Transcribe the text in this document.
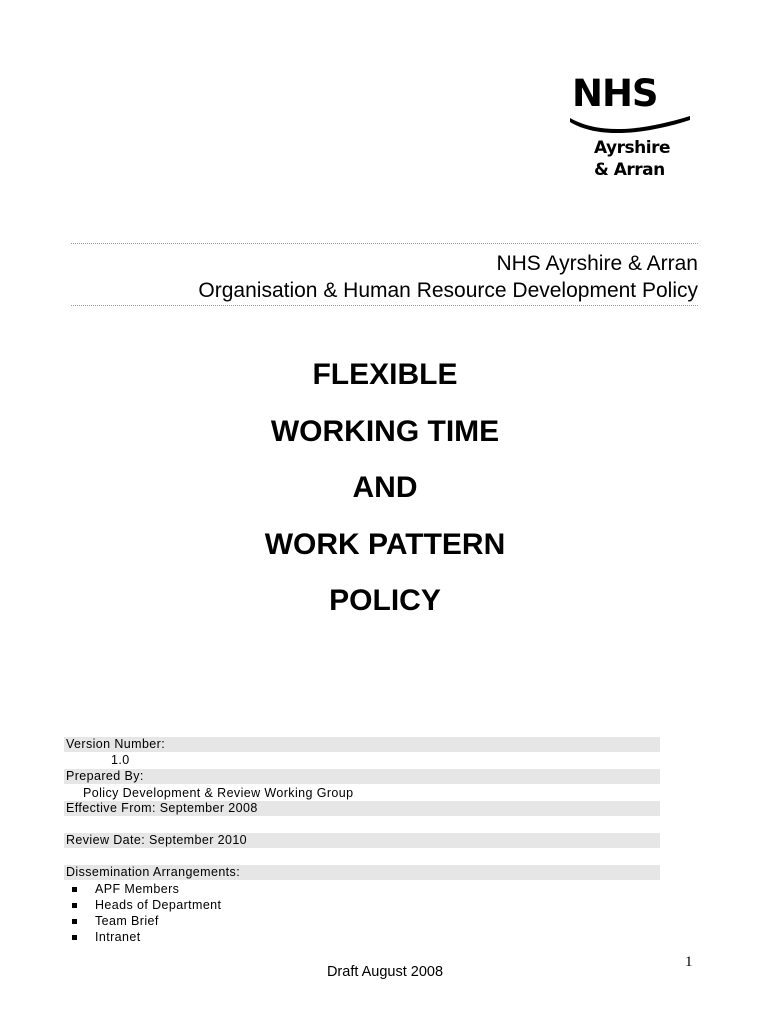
NHS
Ayrshire
& Arran
NHS Ayrshire & Arran
Organisation & Human Resource Development Policy
FLEXIBLE
WORKING TIME
AND
WORK PATTERN
POLICY
Version Number:
1.0
Prepared By:
Policy Development & Review Working Group
Effective From: September 2008
Review Date: September 2010
Dissemination Arrangements:
APF Members
Heads of Department
Team Brief
Intranet
1
Draft August 2008
